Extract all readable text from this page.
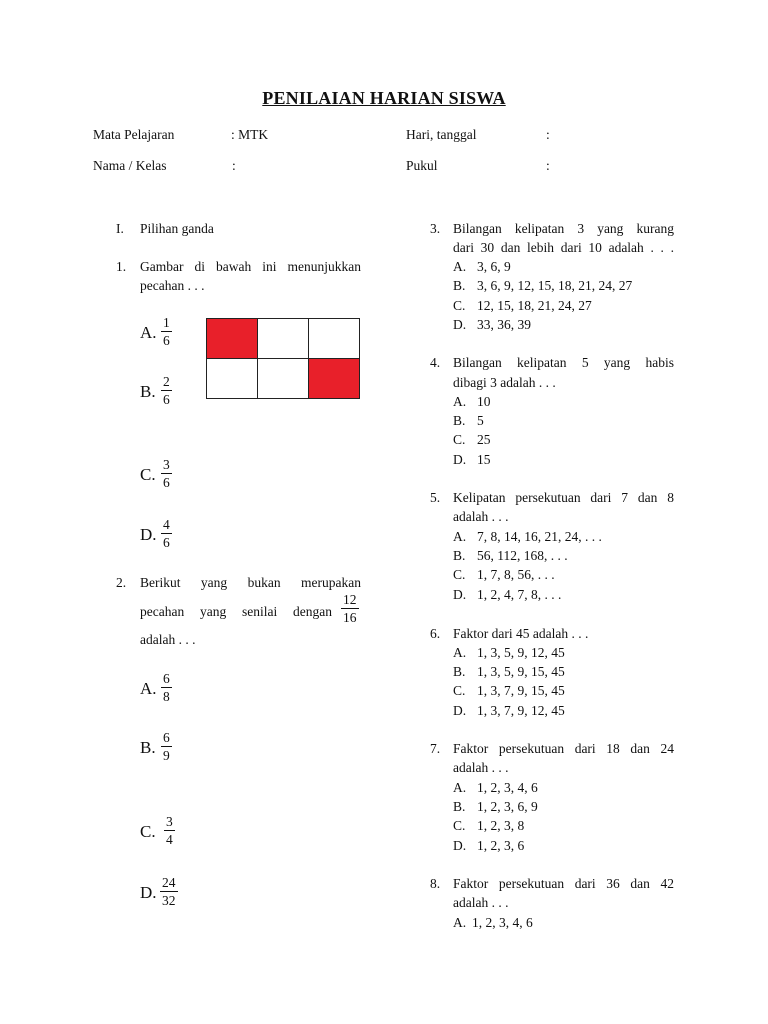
PENILAIAN HARIAN SISWA
Mata Pelajaran	: MTK	Hari, tanggal	:
Nama / Kelas	:	Pukul	:
I. Pilihan ganda
1. Gambar di bawah ini menunjukkan
pecahan . . .

A. $\frac{1}{6}$
B. $\frac{2}{6}$
C. $\frac{3}{6}$
D. $\frac{4}{6}$
2. Berikut yang bukan merupakan
pecahan yang senilai dengan $\frac{12}{16}$
adalah . . .
A. $\frac{6}{8}$
B. $\frac{6}{9}$
C. $\frac{3}{4}$
D. $\frac{24}{32}$
3. Bilangan kelipatan 3 yang kurang
dari 30 dan lebih dari 10 adalah . . .
A. 3, 6, 9
B. 3, 6, 9, 12, 15, 18, 21, 24, 27
C. 12, 15, 18, 21, 24, 27
D. 33, 36, 39
4. Bilangan kelipatan 5 yang habis
dibagi 3 adalah . . .
A. 10
B. 5
C. 25
D. 15
5. Kelipatan persekutuan dari 7 dan 8
adalah . . .
A. 7, 8, 14, 16, 21, 24, . . .
B. 56, 112, 168, . . .
C. 1, 7, 8, 56, . . .
D. 1, 2, 4, 7, 8, . . .
6. Faktor dari 45 adalah . . .
A. 1, 3, 5, 9, 12, 45
B. 1, 3, 5, 9, 15, 45
C. 1, 3, 7, 9, 15, 45
D. 1, 3, 7, 9, 12, 45
7. Faktor persekutuan dari 18 dan 24
adalah . . .
A. 1, 2, 3, 4, 6
B. 1, 2, 3, 6, 9
C. 1, 2, 3, 8
D. 1, 2, 3, 6
8. Faktor persekutuan dari 36 dan 42
adalah . . .
A. 1, 2, 3, 4, 6
